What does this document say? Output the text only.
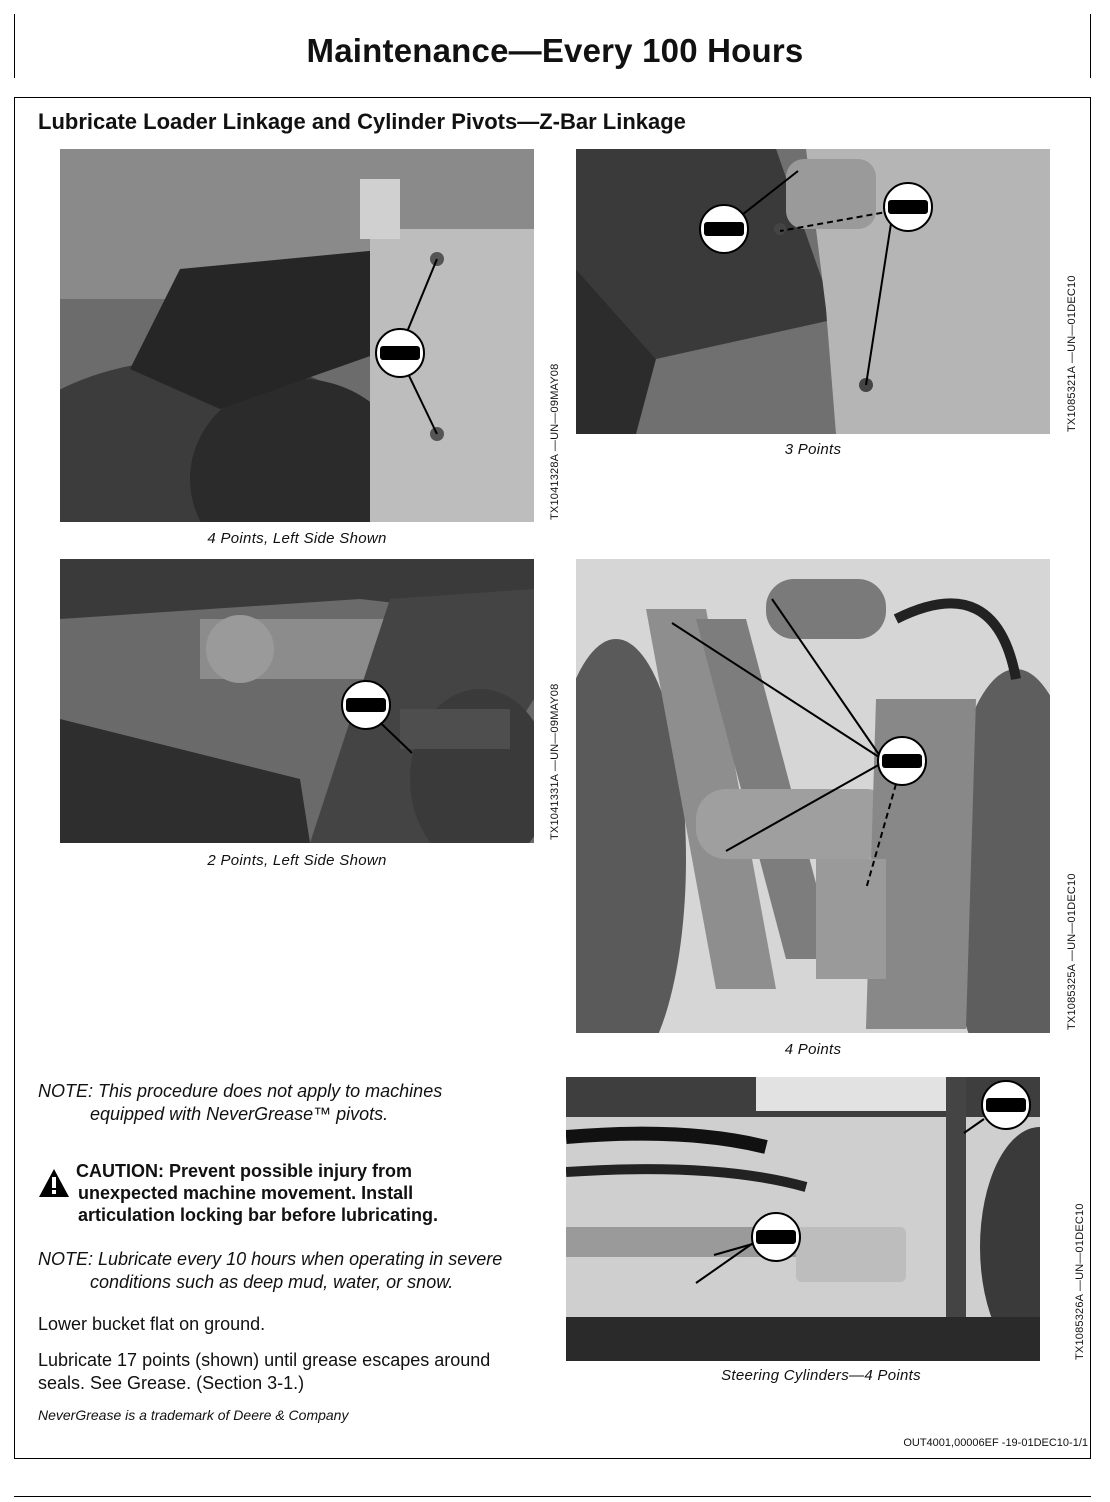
Maintenance—Every 100 Hours
Lubricate Loader Linkage and Cylinder Pivots—Z-Bar Linkage
4 Points, Left Side Shown
TX1041328A —UN—09MAY08	3 Points
TX1085321A —UN—01DEC10
2 Points, Left Side Shown
TX1041331A —UN—09MAY08
4 Points
TX1085325A —UN—01DEC10
Steering Cylinders—4 Points
TX1085326A —UN—01DEC10
NOTE: This procedure does not apply to machines
equipped with NeverGrease™ pivots.
CAUTION: Prevent possible injury from
unexpected machine movement. Install
articulation locking bar before lubricating.
NOTE: Lubricate every 10 hours when operating in severe
conditions such as deep mud, water, or snow.
Lower bucket flat on ground.
Lubricate 17 points (shown) until grease escapes around
seals. See Grease. (Section 3-1.)
NeverGrease is a trademark of Deere & Company
OUT4001,00006EF -19-01DEC10-1/1
